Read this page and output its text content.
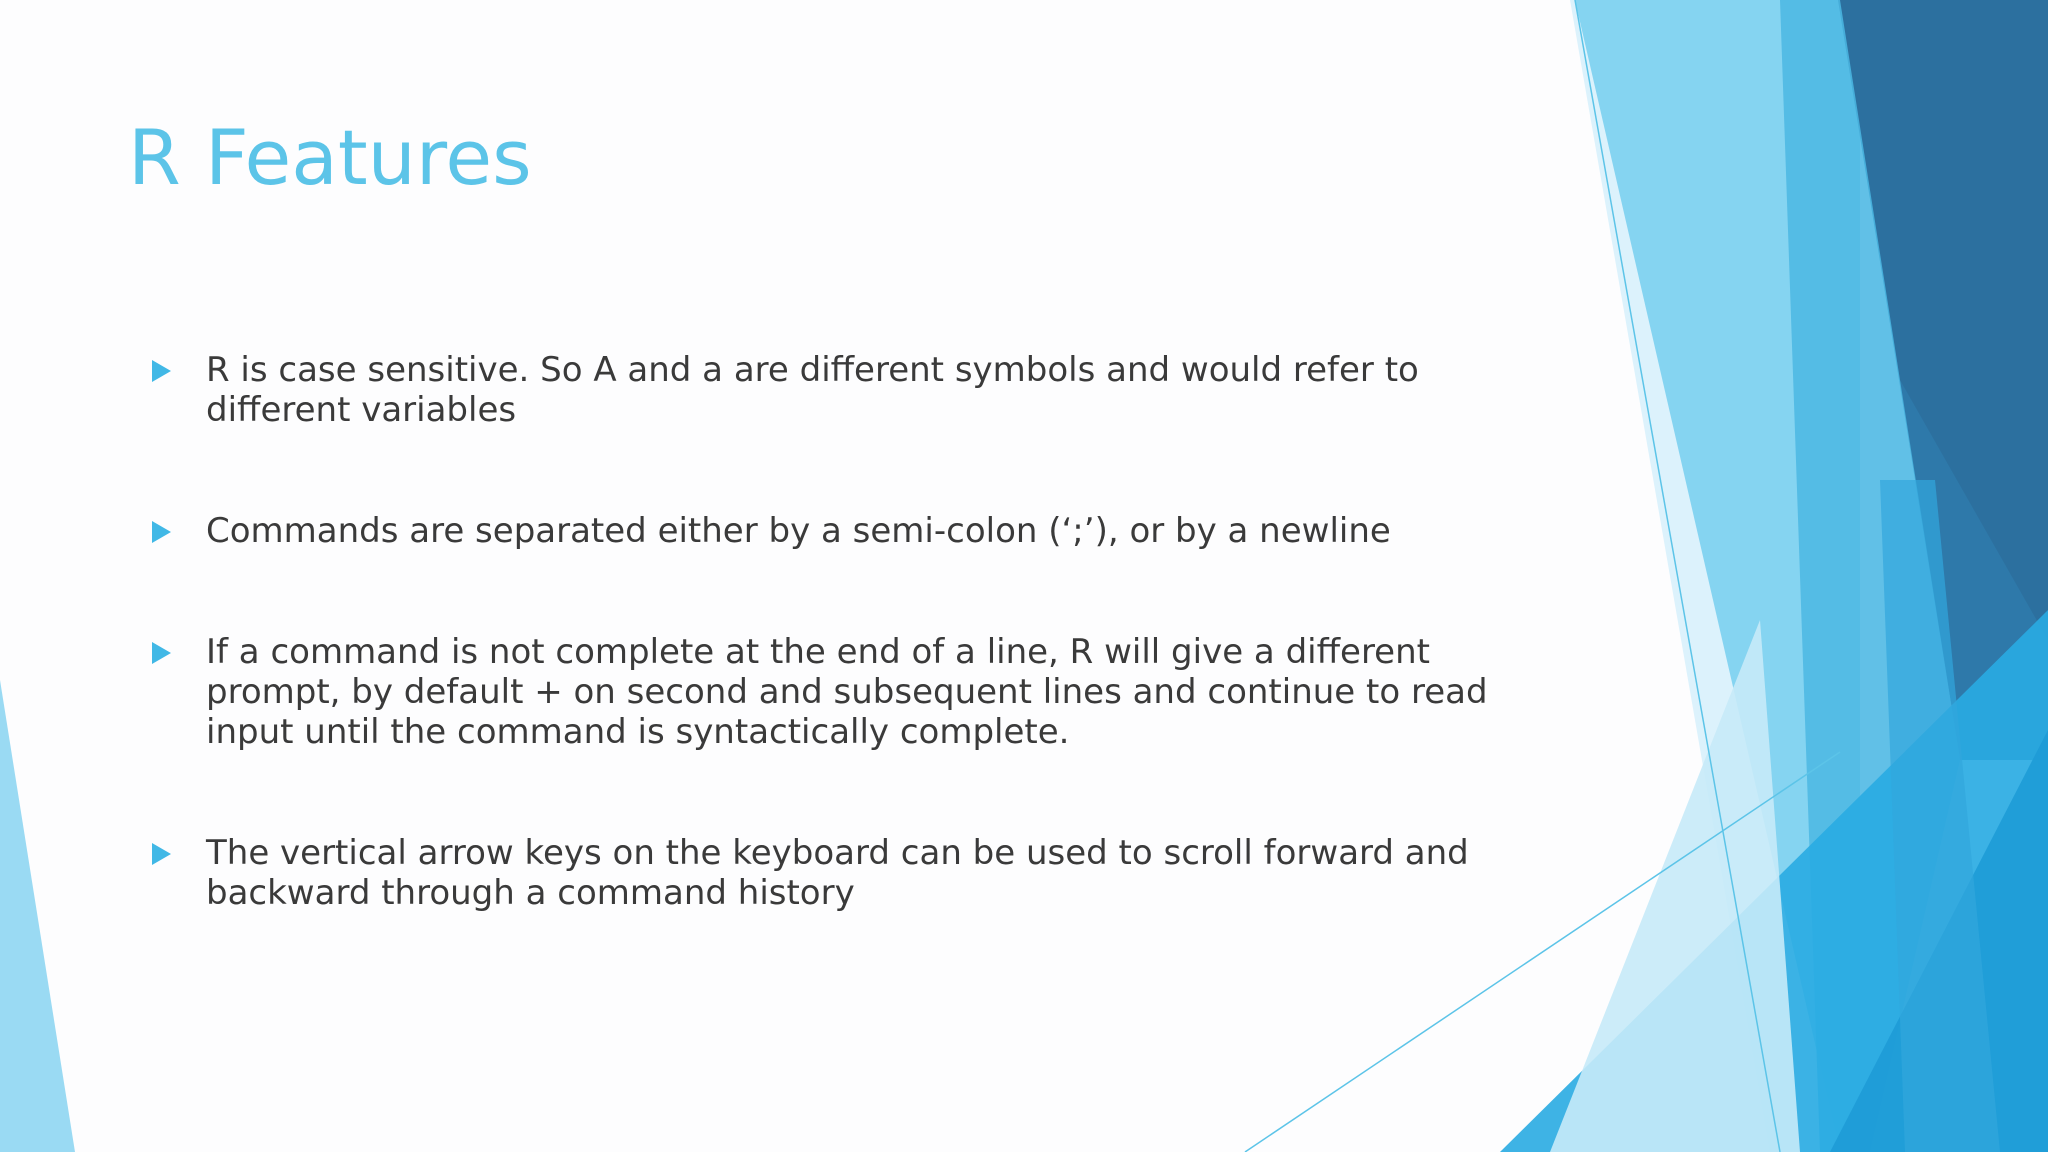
R Features
R is case sensitive. So A and a are different symbols and would refer to different variables
Commands are separated either by a semi-colon (‘;’), or by a newline
If a command is not complete at the end of a line, R will give a different prompt, by default + on second and subsequent lines and continue to read input until the command is syntactically complete.
The vertical arrow keys on the keyboard can be used to scroll forward and backward through a command history
